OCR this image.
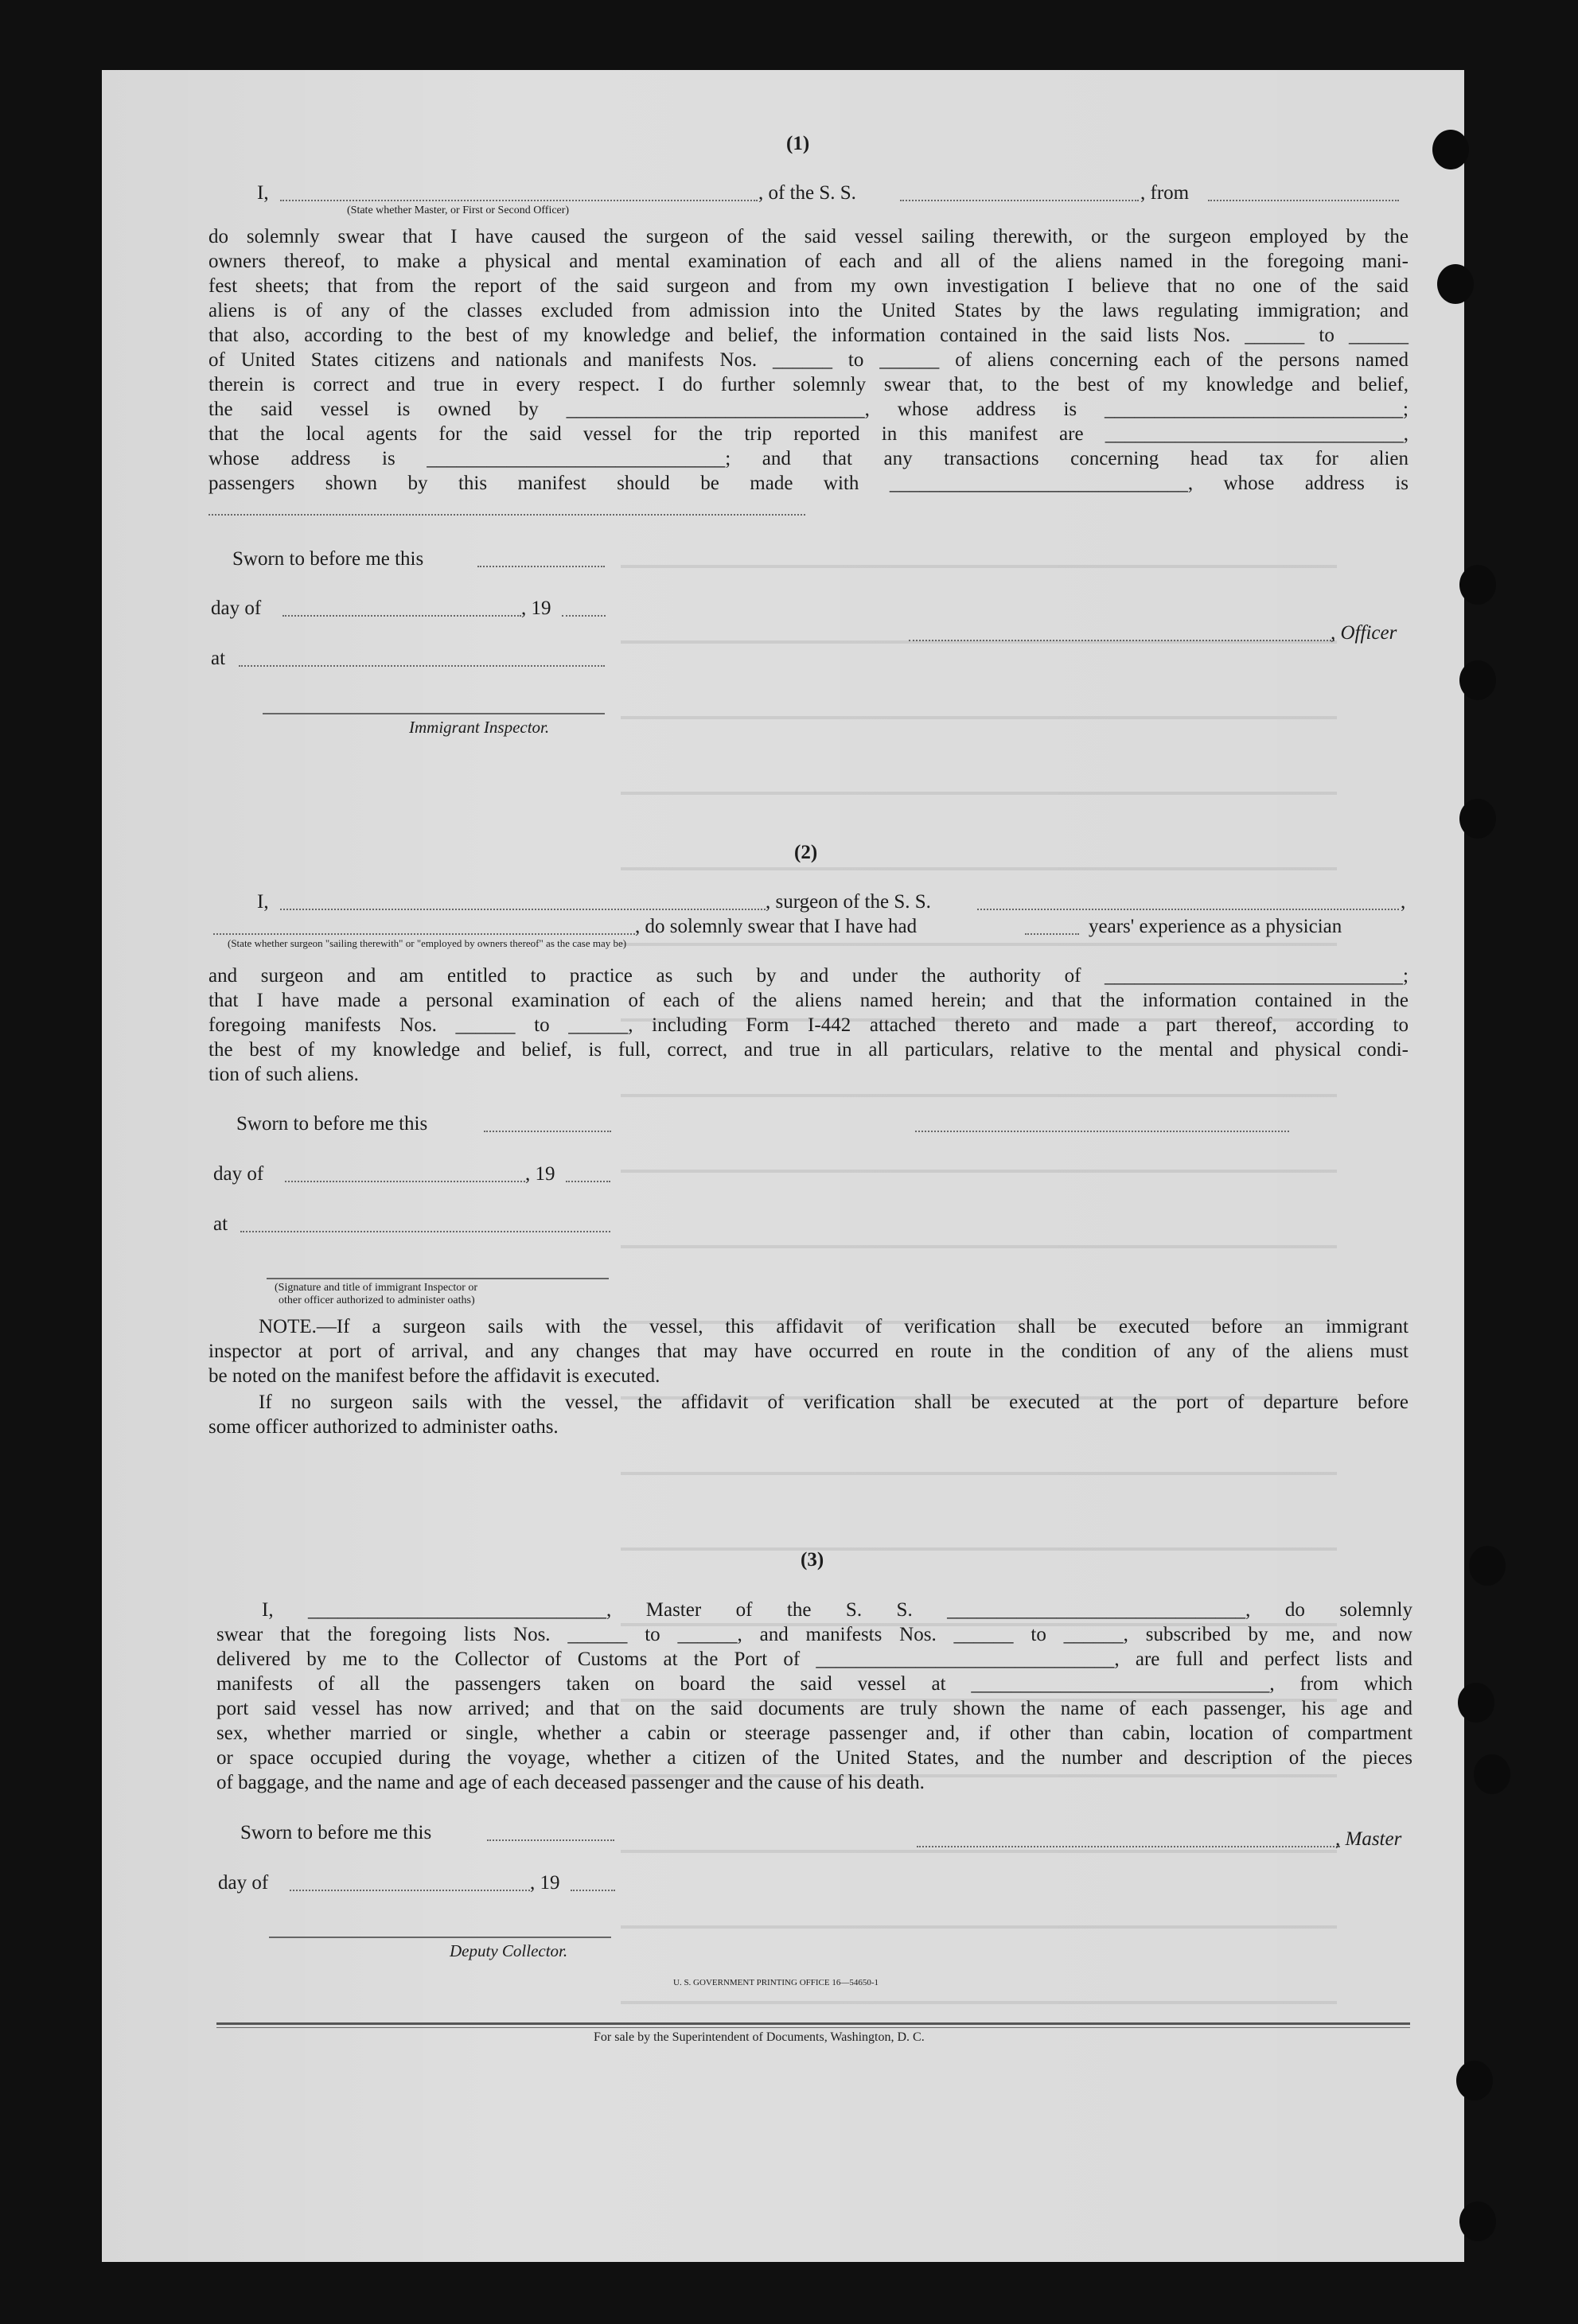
(1)
I,	, of the S. S.	, from
(State whether Master, or First or Second Officer)
do solemnly swear that I have caused the surgeon of the said vessel sailing therewith, or the surgeon employed by the
owners thereof, to make a physical and mental examination of each and all of the aliens named in the foregoing mani-
fest sheets; that from the report of the said surgeon and from my own investigation I believe that no one of the said
aliens is of any of the classes excluded from admission into the United States by the laws regulating immigration; and
that also, according to the best of my knowledge and belief, the information contained in the said lists Nos. ______ to ______
of United States citizens and nationals and manifests Nos. ______ to ______ of aliens concerning each of the persons named
therein is correct and true in every respect. I do further solemnly swear that, to the best of my knowledge and belief,
the said vessel is owned by ______________________________, whose address is ______________________________;
that the local agents for the said vessel for the trip reported in this manifest are ______________________________,
whose address is ______________________________; and that any transactions concerning head tax for alien
passengers shown by this manifest should be made with ______________________________, whose address is
Sworn to before me this
day of	, 19
at
, Officer
Immigrant Inspector.
(2)
I,	, surgeon of the S. S.	,
, do solemnly swear that I have had	years' experience as a physician
(State whether surgeon "sailing therewith" or "employed by owners thereof" as the case may be)
and surgeon and am entitled to practice as such by and under the authority of ______________________________;
that I have made a personal examination of each of the aliens named herein; and that the information contained in the
foregoing manifests Nos. ______ to ______, including Form I-442 attached thereto and made a part thereof, according to
the best of my knowledge and belief, is full, correct, and true in all particulars, relative to the mental and physical condi-
tion of such aliens.
Sworn to before me this
day of	, 19
at
(Signature and title of immigrant Inspector or
other officer authorized to administer oaths)
NOTE.—If a surgeon sails with the vessel, this affidavit of verification shall be executed before an immigrant
inspector at port of arrival, and any changes that may have occurred en route in the condition of any of the aliens must
be noted on the manifest before the affidavit is executed.
If no surgeon sails with the vessel, the affidavit of verification shall be executed at the port of departure before
some officer authorized to administer oaths.
(3)
I, ______________________________, Master of the S. S. ______________________________, do solemnly
swear that the foregoing lists Nos. ______ to ______, and manifests Nos. ______ to ______, subscribed by me, and now
delivered by me to the Collector of Customs at the Port of ______________________________, are full and perfect lists and
manifests of all the passengers taken on board the said vessel at ______________________________, from which
port said vessel has now arrived; and that on the said documents are truly shown the name of each passenger, his age and
sex, whether married or single, whether a cabin or steerage passenger and, if other than cabin, location of compartment
or space occupied during the voyage, whether a citizen of the United States, and the number and description of the pieces
of baggage, and the name and age of each deceased passenger and the cause of his death.
Sworn to before me this	, Master
day of	, 19
Deputy Collector.
U. S. GOVERNMENT PRINTING OFFICE 16—54650-1
For sale by the Superintendent of Documents, Washington, D. C.
